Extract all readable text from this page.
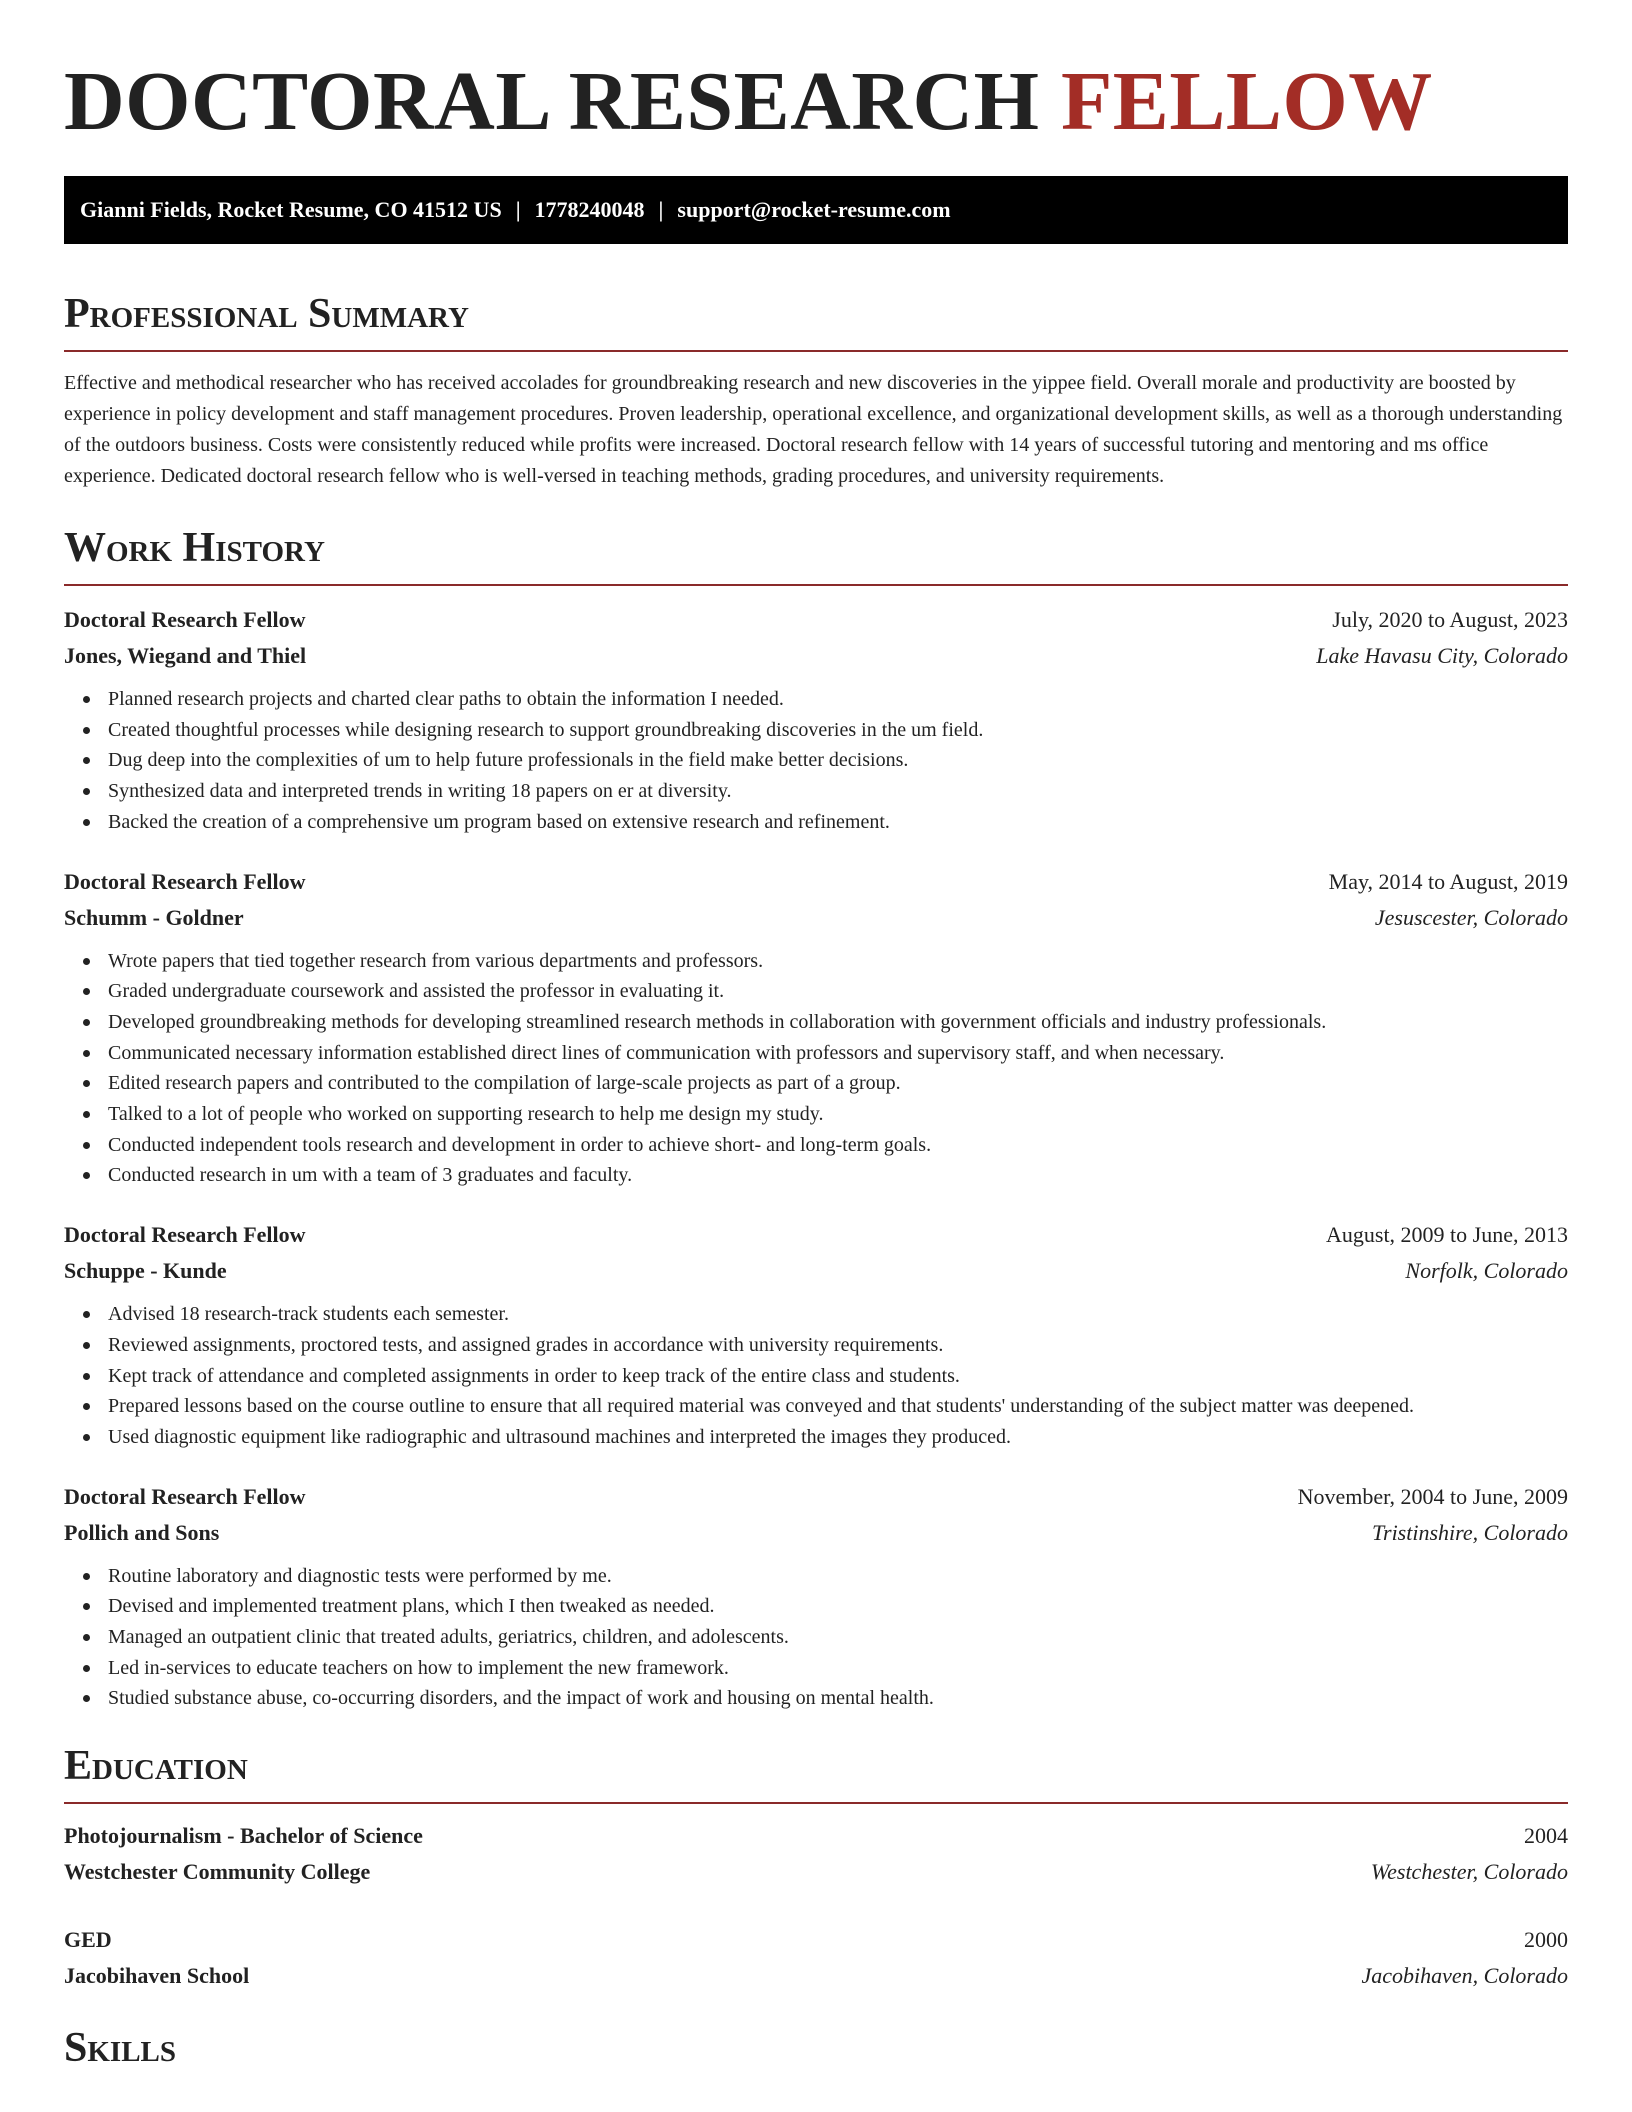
DOCTORAL RESEARCH FELLOW
Gianni Fields, Rocket Resume, CO 41512 US | 1778240048 | support@rocket-resume.com
Professional Summary

Effective and methodical researcher who has received accolades for groundbreaking research and new discoveries in the yippee field. Overall morale and productivity are boosted by experience in policy development and staff management procedures. Proven leadership, operational excellence, and organizational development skills, as well as a thorough understanding of the outdoors business. Costs were consistently reduced while profits were increased. Doctoral research fellow with 14 years of successful tutoring and mentoring and ms office experience. Dedicated doctoral research fellow who is well-versed in teaching methods, grading procedures, and university requirements.

Work History
Doctoral Research Fellow	July, 2020 to August, 2023
Jones, Wiegand and Thiel	Lake Havasu City, Colorado
Planned research projects and charted clear paths to obtain the information I needed.
Created thoughtful processes while designing research to support groundbreaking discoveries in the um field.
Dug deep into the complexities of um to help future professionals in the field make better decisions.
Synthesized data and interpreted trends in writing 18 papers on er at diversity.
Backed the creation of a comprehensive um program based on extensive research and refinement.
Doctoral Research Fellow	May, 2014 to August, 2019
Schumm - Goldner	Jesuscester, Colorado
Wrote papers that tied together research from various departments and professors.
Graded undergraduate coursework and assisted the professor in evaluating it.
Developed groundbreaking methods for developing streamlined research methods in collaboration with government officials and industry professionals.
Communicated necessary information established direct lines of communication with professors and supervisory staff, and when necessary.
Edited research papers and contributed to the compilation of large-scale projects as part of a group.
Talked to a lot of people who worked on supporting research to help me design my study.
Conducted independent tools research and development in order to achieve short- and long-term goals.
Conducted research in um with a team of 3 graduates and faculty.
Doctoral Research Fellow	August, 2009 to June, 2013
Schuppe - Kunde	Norfolk, Colorado
Advised 18 research-track students each semester.
Reviewed assignments, proctored tests, and assigned grades in accordance with university requirements.
Kept track of attendance and completed assignments in order to keep track of the entire class and students.
Prepared lessons based on the course outline to ensure that all required material was conveyed and that students' understanding of the subject matter was deepened.
Used diagnostic equipment like radiographic and ultrasound machines and interpreted the images they produced.
Doctoral Research Fellow	November, 2004 to June, 2009
Pollich and Sons	Tristinshire, Colorado
Routine laboratory and diagnostic tests were performed by me.
Devised and implemented treatment plans, which I then tweaked as needed.
Managed an outpatient clinic that treated adults, geriatrics, children, and adolescents.
Led in-services to educate teachers on how to implement the new framework.
Studied substance abuse, co-occurring disorders, and the impact of work and housing on mental health.
Education
Photojournalism - Bachelor of Science	2004
Westchester Community College	Westchester, Colorado
GED	2000
Jacobihaven School	Jacobihaven, Colorado
Skills
